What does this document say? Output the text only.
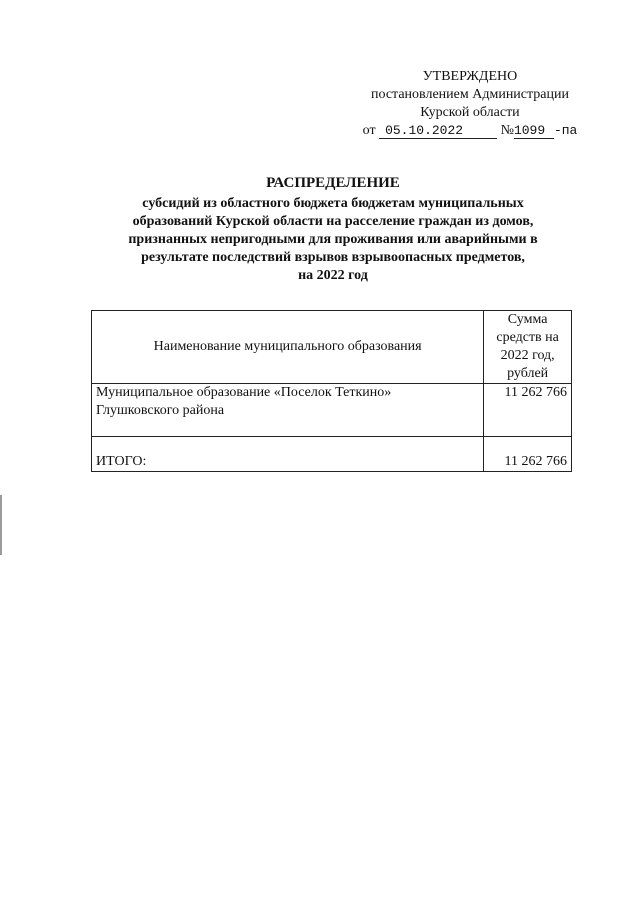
УТВЕРЖДЕНО
постановлением Администрации
Курской области
от 05.10.2022	№1099 -па
РАСПРЕДЕЛЕНИЕ
субсидий из областного бюджета бюджетам муниципальных
образований Курской области на расселение граждан из домов,
признанных непригодными для проживания или аварийными в
результате последствий взрывов взрывоопасных предметов,
на 2022 год
Наименование муниципального образования	Сумма
средств на
2022 год,
рублей

Муниципальное образование «Поселок Теткино»
Глушковского района	11 262 766
ИТОГО:	11 262 766
